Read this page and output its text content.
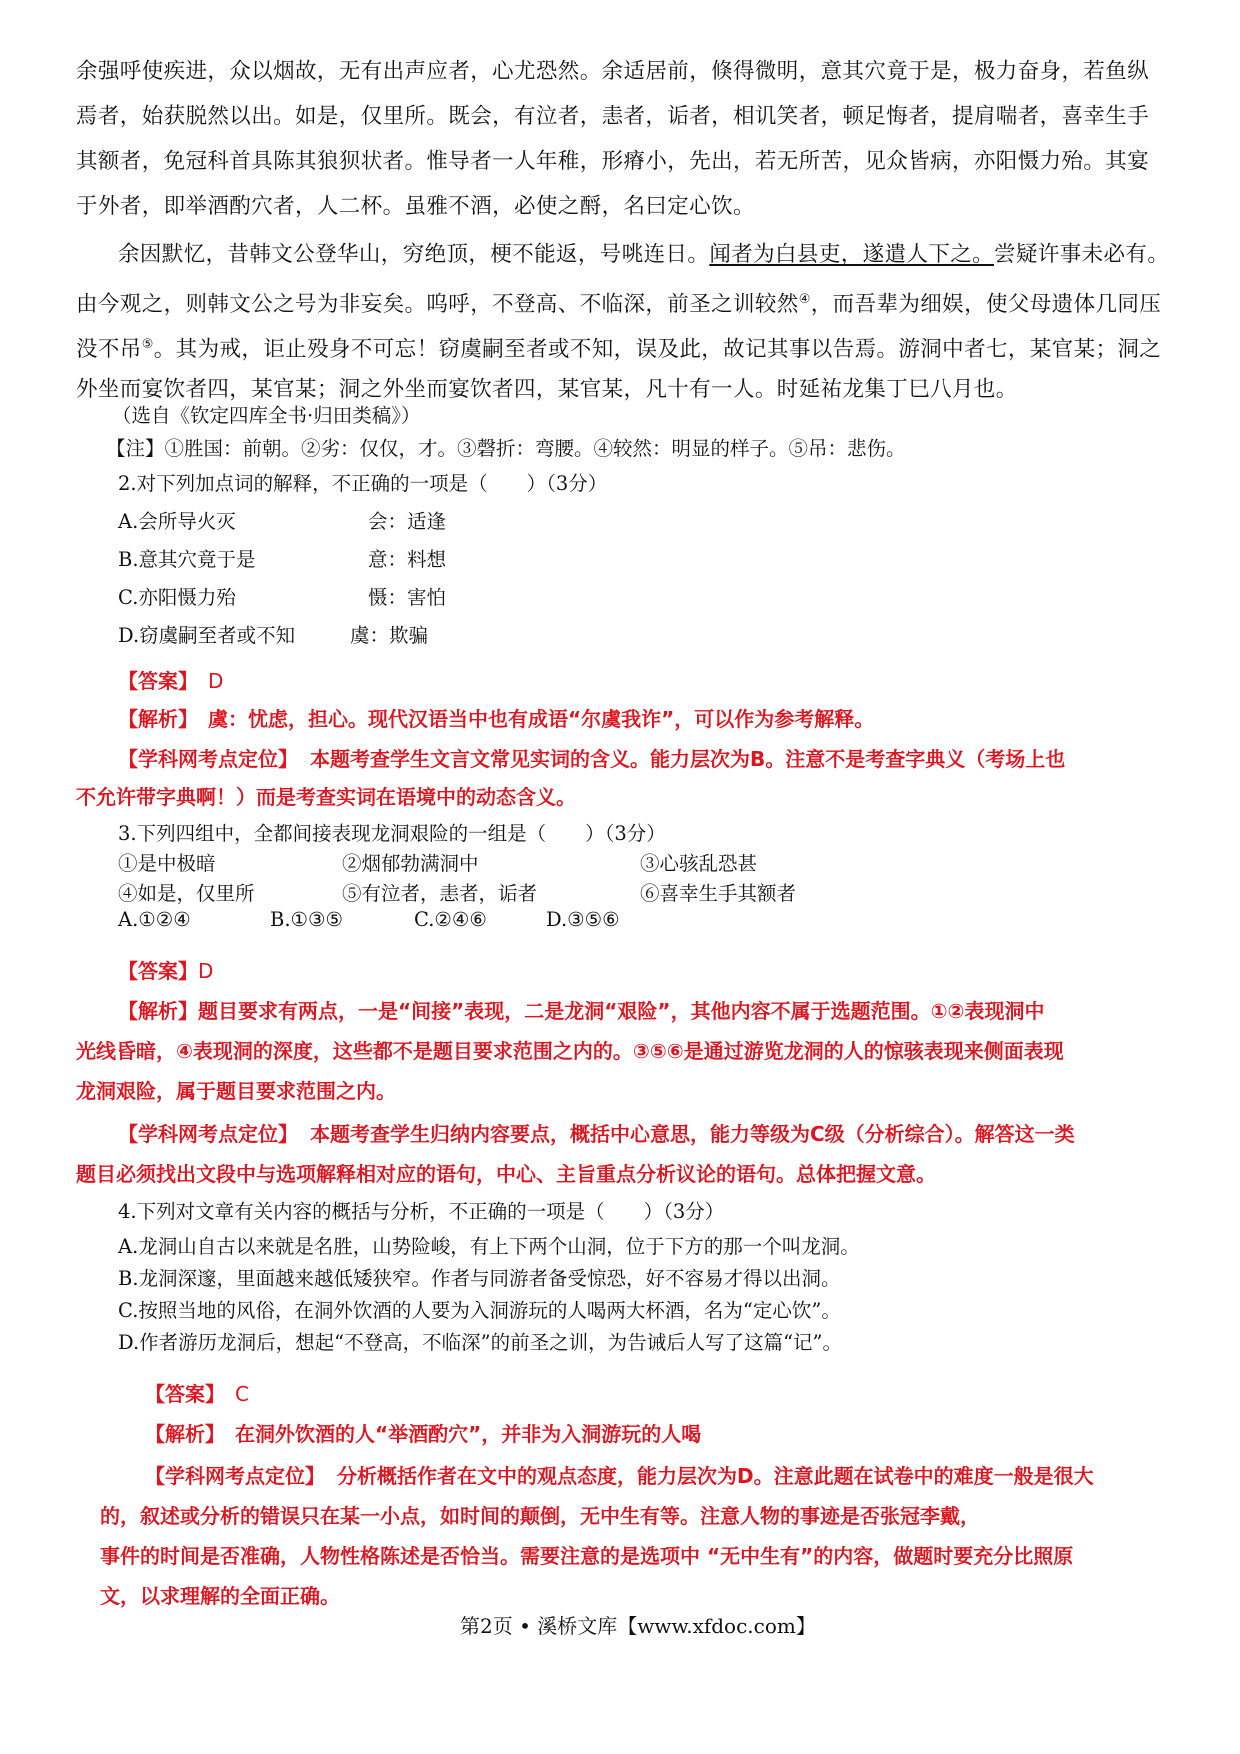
余强呼使疾进，众以烟故，无有出声应者，心尤恐然。余适居前，倏得微明，意其穴竟于是，极力奋身，若鱼纵
焉者，始获脱然以出。如是，仅里所。既会，有泣者，恚者，诟者，相讥笑者，顿足悔者，提肩喘者，喜幸生手
其额者，免冠科首具陈其狼狈状者。惟导者一人年稚，形瘠小，先出，若无所苦，见众皆病，亦阳慑力殆。其宴
于外者，即举酒酌穴者，人二杯。虽雅不酒，必使之酹，名曰定心饮。
余因默忆，昔韩文公登华山，穷绝顶，梗不能返，号咷连日。闻者为白县吏，遂遣人下之。尝疑许事未必有。
由今观之，则韩文公之号为非妄矣。呜呼，不登高、不临深，前圣之训较然④，而吾辈为细娱，使父母遗体几同压
没不吊⑤。其为戒，讵止殁身不可忘！窃虞嗣至者或不知，误及此，故记其事以告焉。游洞中者七，某官某；洞之
外坐而宴饮者四，某官某；洞之外坐而宴饮者四，某官某，凡十有一人。时延祐龙集丁巳八月也。
（选自《钦定四库全书·归田类稿》）
【注】①胜国：前朝。②劣：仅仅，才。③磬折：弯腰。④较然：明显的样子。⑤吊：悲伤。
2.对下列加点词的解释，不正确的一项是（　　）（3分）
A.会所导火灭	会：适逢
B.意其穴竟于是	意：料想
C.亦阳慑力殆	慑：害怕
D.窃虞嗣至者或不知	虞：欺骗
【答案】 D
【解析】 虞：忧虑，担心。现代汉语当中也有成语“尔虞我诈”，可以作为参考解释。
【学科网考点定位】 本题考查学生文言文常见实词的含义。能力层次为B。注意不是考查字典义（考场上也
不允许带字典啊！）而是考查实词在语境中的动态含义。
3.下列四组中，全都间接表现龙洞艰险的一组是（　　）（3分）
①是中极暗	②烟郁勃满洞中	③心骇乱恐甚
④如是，仅里所	⑤有泣者，恚者，诟者	⑥喜幸生手其额者
A.①②④	B.①③⑤	C.②④⑥	D.③⑤⑥
【答案】D
【解析】题目要求有两点，一是“间接”表现，二是龙洞“艰险”，其他内容不属于选题范围。①②表现洞中
光线昏暗，④表现洞的深度，这些都不是题目要求范围之内的。③⑤⑥是通过游览龙洞的人的惊骇表现来侧面表现
龙洞艰险，属于题目要求范围之内。
【学科网考点定位】 本题考查学生归纳内容要点，概括中心意思，能力等级为C级（分析综合）。解答这一类
题目必须找出文段中与选项解释相对应的语句，中心、主旨重点分析议论的语句。总体把握文意。
4.下列对文章有关内容的概括与分析，不正确的一项是（　　）（3分）
A.龙洞山自古以来就是名胜，山势险峻，有上下两个山洞，位于下方的那一个叫龙洞。
B.龙洞深邃，里面越来越低矮狭窄。作者与同游者备受惊恐，好不容易才得以出洞。
C.按照当地的风俗，在洞外饮酒的人要为入洞游玩的人喝两大杯酒，名为“定心饮”。
D.作者游历龙洞后，想起“不登高，不临深”的前圣之训，为告诫后人写了这篇“记”。
【答案】 C
【解析】 在洞外饮酒的人“举酒酌穴”，并非为入洞游玩的人喝
【学科网考点定位】 分析概括作者在文中的观点态度，能力层次为D。注意此题在试卷中的难度一般是很大
的，叙述或分析的错误只在某一小点，如时间的颠倒，无中生有等。注意人物的事迹是否张冠李戴，
事件的时间是否准确，人物性格陈述是否恰当。需要注意的是选项中 “无中生有”的内容，做题时要充分比照原
文，以求理解的全面正确。
第2页 • 溪桥文库【www.xfdoc.com】
